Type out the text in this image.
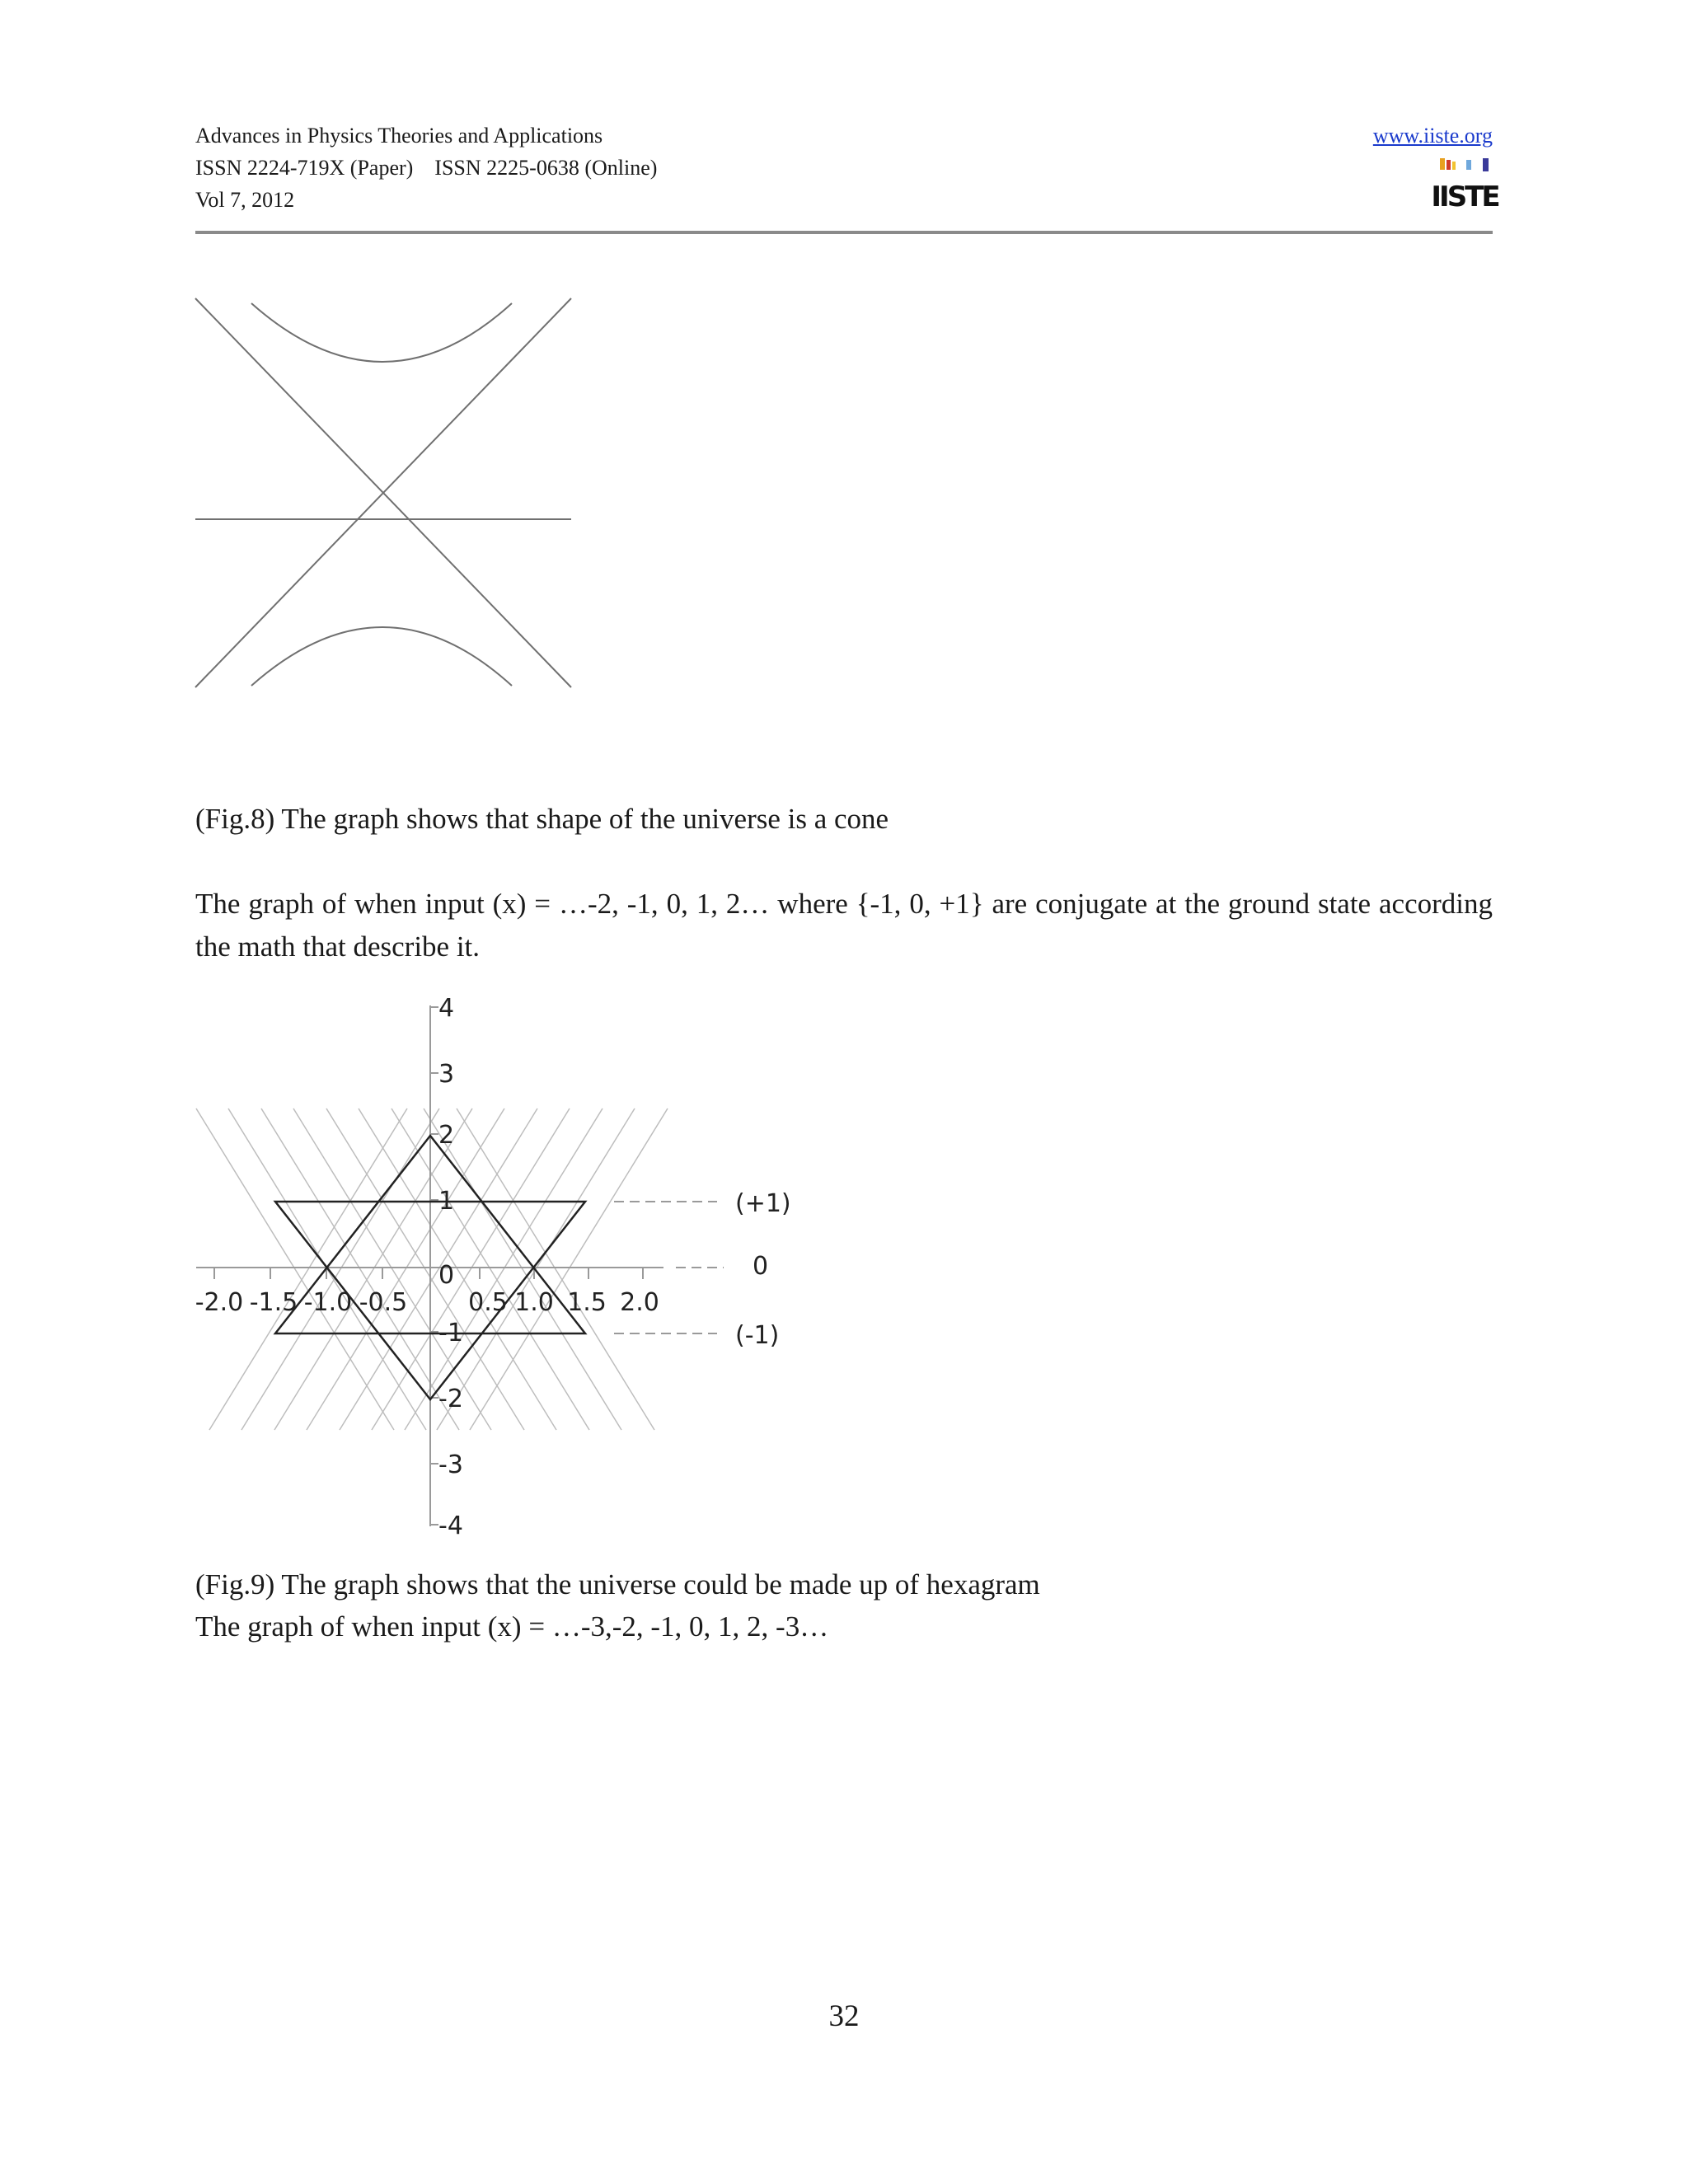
Advances in Physics Theories and Applications
ISSN 2224-719X (Paper)    ISSN 2225-0638 (Online)
Vol 7, 2012
www.iiste.org
IISTE
(Fig.8) The graph shows that shape of the universe is a cone
The graph of when input (x) = …-2, -1, 0, 1, 2… where {-1, 0, +1} are conjugate at the ground state according the math that describe it.
4
3
2
1
0
-1
-2
-3
-4
-2.0 -1.5 -1.0 -0.5 0.5 1.0 1.5 2.0
(+1)
0
(-1)
(Fig.9) The graph shows that the universe could be made up of hexagram
The graph of when input (x) = …-3,-2, -1, 0, 1, 2, -3…
32
